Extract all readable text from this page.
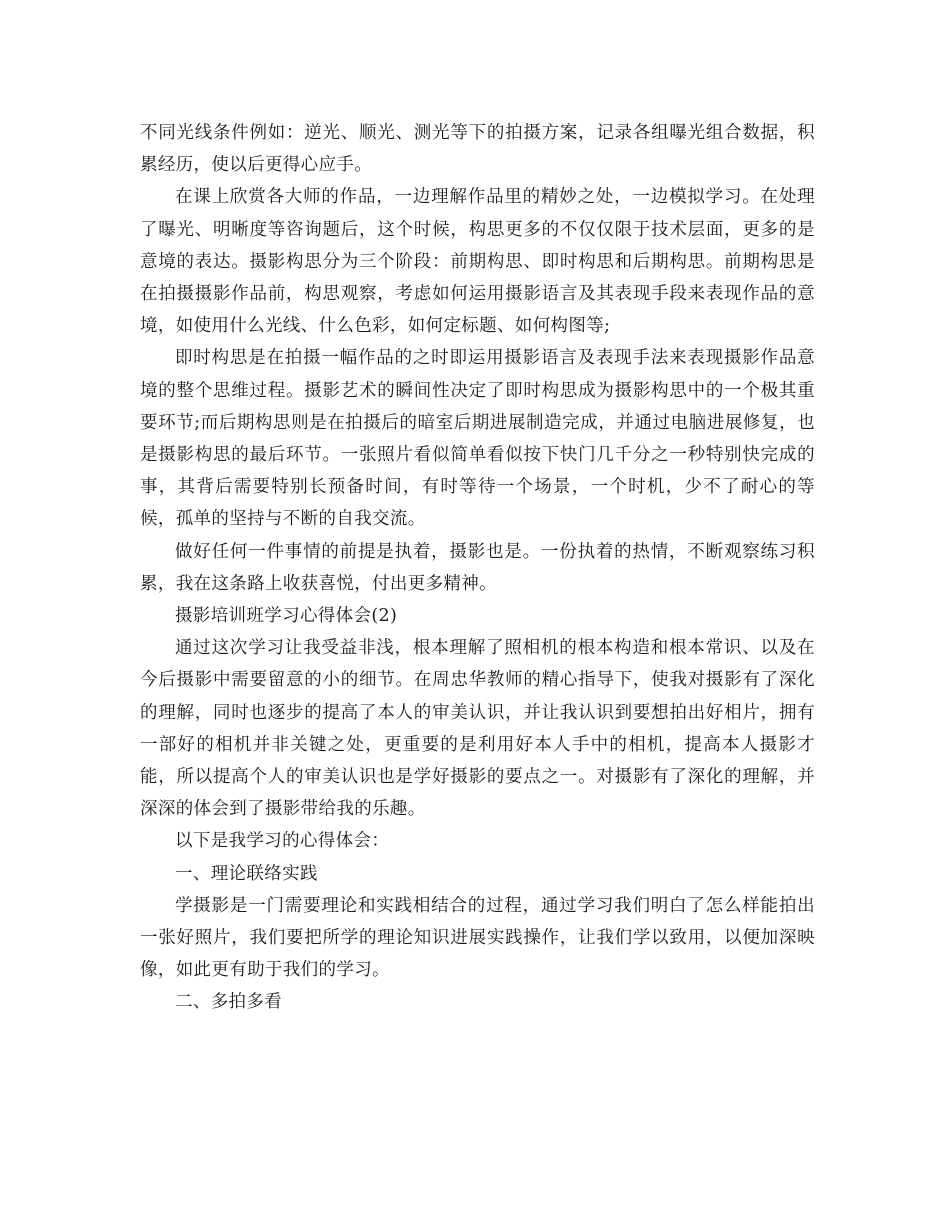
不同光线条件例如：逆光、顺光、测光等下的拍摄方案，记录各组曝光组合数据，积累经历，使以后更得心应手。

在课上欣赏各大师的作品，一边理解作品里的精妙之处，一边模拟学习。在处理了曝光、明晰度等咨询题后，这个时候，构思更多的不仅仅限于技术层面，更多的是意境的表达。摄影构思分为三个阶段：前期构思、即时构思和后期构思。前期构思是在拍摄摄影作品前，构思观察，考虑如何运用摄影语言及其表现手段来表现作品的意境，如使用什么光线、什么色彩，如何定标题、如何构图等;

即时构思是在拍摄一幅作品的之时即运用摄影语言及表现手法来表现摄影作品意境的整个思维过程。摄影艺术的瞬间性决定了即时构思成为摄影构思中的一个极其重要环节;而后期构思则是在拍摄后的暗室后期进展制造完成，并通过电脑进展修复，也是摄影构思的最后环节。一张照片看似简单看似按下快门几千分之一秒特别快完成的事，其背后需要特别长预备时间，有时等待一个场景，一个时机，少不了耐心的等候，孤单的坚持与不断的自我交流。

做好任何一件事情的前提是执着，摄影也是。一份执着的热情，不断观察练习积累，我在这条路上收获喜悦，付出更多精神。

摄影培训班学习心得体会(2)

通过这次学习让我受益非浅，根本理解了照相机的根本构造和根本常识、以及在今后摄影中需要留意的小的细节。在周忠华教师的精心指导下，使我对摄影有了深化的理解，同时也逐步的提高了本人的审美认识，并让我认识到要想拍出好相片，拥有一部好的相机并非关键之处，更重要的是利用好本人手中的相机，提高本人摄影才能，所以提高个人的审美认识也是学好摄影的要点之一。对摄影有了深化的理解，并深深的体会到了摄影带给我的乐趣。

以下是我学习的心得体会：

一、理论联络实践

学摄影是一门需要理论和实践相结合的过程，通过学习我们明白了怎么样能拍出一张好照片，我们要把所学的理论知识进展实践操作，让我们学以致用，以便加深映像，如此更有助于我们的学习。

二、多拍多看
